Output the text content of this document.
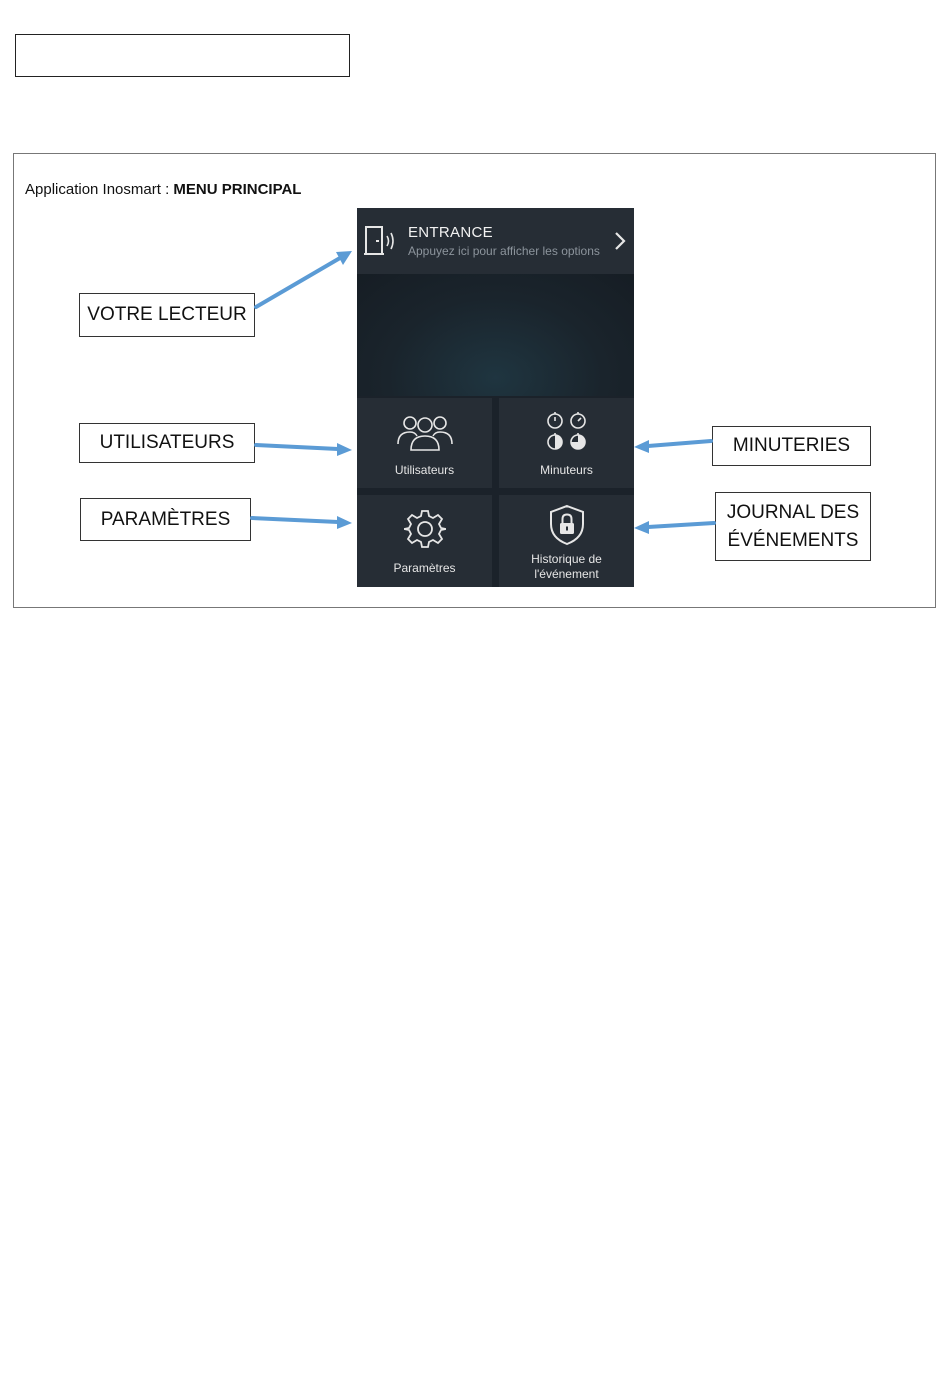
Application Inosmart : MENU PRINCIPAL
VOTRE LECTEUR
UTILISATEURS
PARAMÈTRES
MINUTERIES
JOURNAL DES
ÉVÉNEMENTS
ENTRANCE
Appuyez ici pour afficher les options
Utilisateurs	Minuteurs
Paramètres
Historique de
l'événement
